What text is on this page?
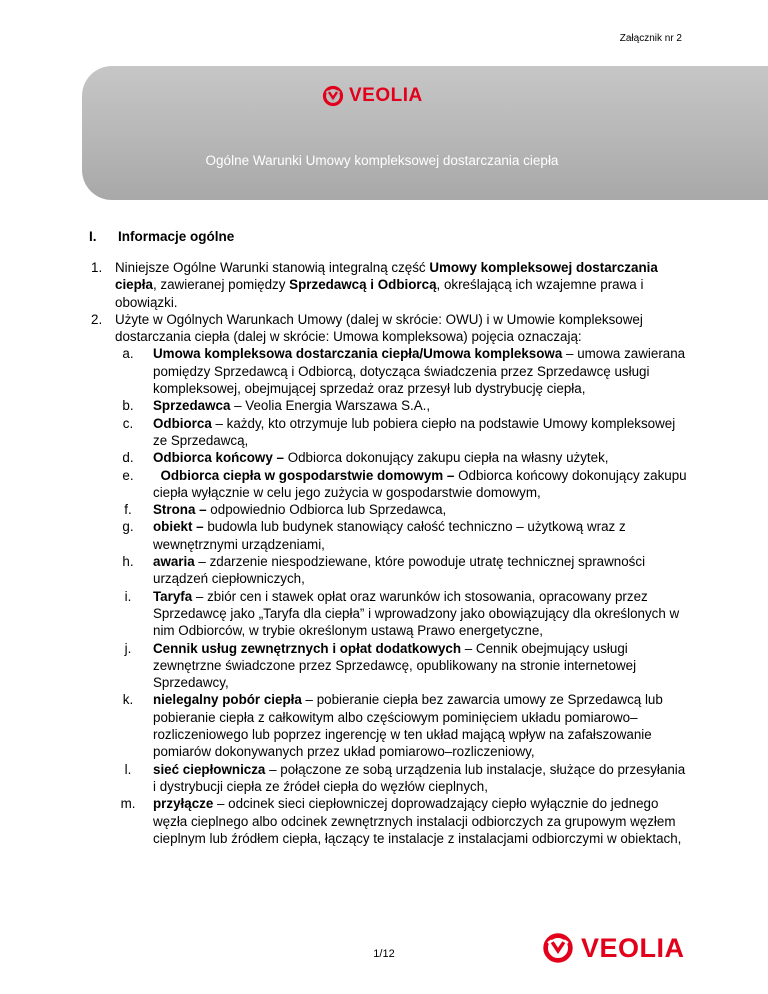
Załącznik nr 2
VEOLIA
Ogólne Warunki Umowy kompleksowej dostarczania ciepła
I. Informacje ogólne
1. Niniejsze Ogólne Warunki stanowią integralną część Umowy kompleksowej dostarczania ciepła, zawieranej pomiędzy Sprzedawcą i Odbiorcą, określającą ich wzajemne prawa i obowiązki.
2. Użyte w Ogólnych Warunkach Umowy (dalej w skrócie: OWU) i w Umowie kompleksowej dostarczania ciepła (dalej w skrócie: Umowa kompleksowa) pojęcia oznaczają:
a.	Umowa kompleksowa dostarczania ciepła/Umowa kompleksowa – umowa zawierana pomiędzy Sprzedawcą i Odbiorcą, dotycząca świadczenia przez Sprzedawcę usługi kompleksowej, obejmującej sprzedaż oraz przesył lub dystrybucję ciepła,
b.	Sprzedawca – Veolia Energia Warszawa S.A.,
c.	Odbiorca – każdy, kto otrzymuje lub pobiera ciepło na podstawie Umowy kompleksowej ze Sprzedawcą,
d.	Odbiorca końcowy – Odbiorca dokonujący zakupu ciepła na własny użytek,
e.	Odbiorca ciepła w gospodarstwie domowym – Odbiorca końcowy dokonujący zakupu ciepła wyłącznie w celu jego zużycia w gospodarstwie domowym,
f.	Strona – odpowiednio Odbiorca lub Sprzedawca,
g.	obiekt – budowla lub budynek stanowiący całość techniczno – użytkową wraz z wewnętrznymi urządzeniami,
h.	awaria – zdarzenie niespodziewane, które powoduje utratę technicznej sprawności urządzeń ciepłowniczych,
i.	Taryfa – zbiór cen i stawek opłat oraz warunków ich stosowania, opracowany przez Sprzedawcę jako „Taryfa dla ciepła” i wprowadzony jako obowiązujący dla określonych w nim Odbiorców, w trybie określonym ustawą Prawo energetyczne,
j.	Cennik usług zewnętrznych i opłat dodatkowych – Cennik obejmujący usługi zewnętrzne świadczone przez Sprzedawcę, opublikowany na stronie internetowej Sprzedawcy,
k.	nielegalny pobór ciepła – pobieranie ciepła bez zawarcia umowy ze Sprzedawcą lub pobieranie ciepła z całkowitym albo częściowym pominięciem układu pomiarowo–rozliczeniowego lub poprzez ingerencję w ten układ mającą wpływ na zafałszowanie pomiarów dokonywanych przez układ pomiarowo–rozliczeniowy,
l.	sieć ciepłownicza – połączone ze sobą urządzenia lub instalacje, służące do przesyłania i dystrybucji ciepła ze źródeł ciepła do węzłów cieplnych,
m.	przyłącze – odcinek sieci ciepłowniczej doprowadzający ciepło wyłącznie do jednego węzła cieplnego albo odcinek zewnętrznych instalacji odbiorczych za grupowym węzłem cieplnym lub źródłem ciepła, łączący te instalacje z instalacjami odbiorczymi w obiektach,
1/12	VEOLIA
